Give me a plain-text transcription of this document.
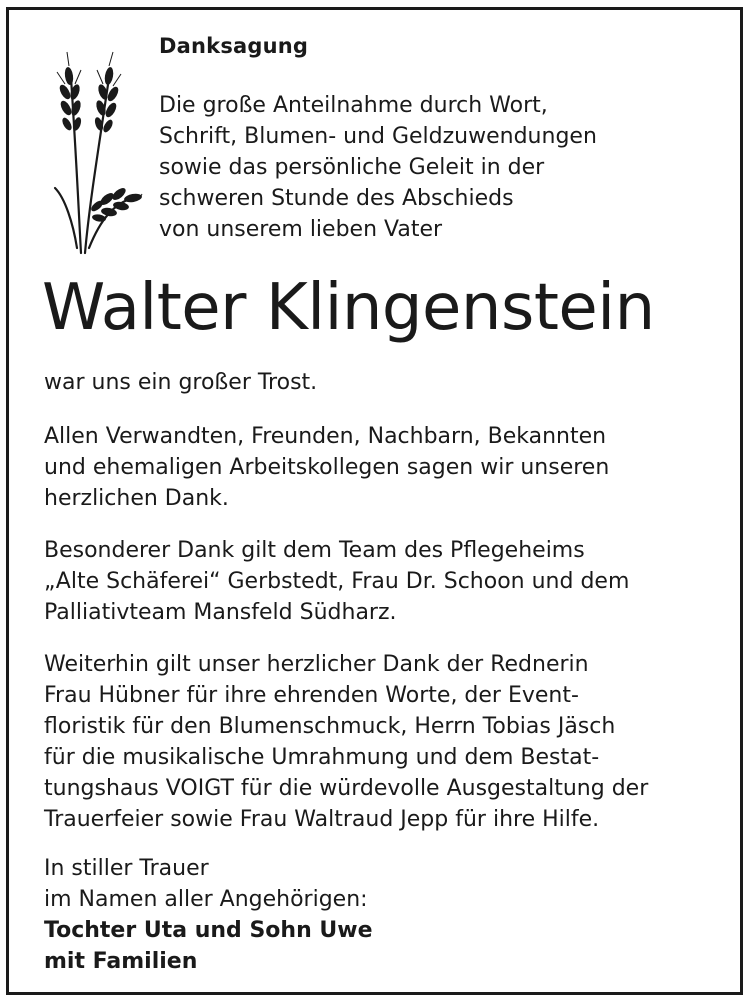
Danksagung
Die große Anteilnahme durch Wort,
Schrift, Blumen- und Geldzuwendungen
sowie das persönliche Geleit in der
schweren Stunde des Abschieds
von unserem lieben Vater
Walter Klingenstein
war uns ein großer Trost.
Allen Verwandten, Freunden, Nachbarn, Bekannten
und ehemaligen Arbeitskollegen sagen wir unseren
herzlichen Dank.
Besonderer Dank gilt dem Team des Pflegeheims
„Alte Schäferei“ Gerbstedt, Frau Dr. Schoon und dem
Palliativteam Mansfeld Südharz.
Weiterhin gilt unser herzlicher Dank der Rednerin
Frau Hübner für ihre ehrenden Worte, der Event-
floristik für den Blumenschmuck, Herrn Tobias Jäsch
für die musikalische Umrahmung und dem Bestat-
tungshaus VOIGT für die würdevolle Ausgestaltung der
Trauerfeier sowie Frau Waltraud Jepp für ihre Hilfe.
In stiller Trauer
im Namen aller Angehörigen:
Tochter Uta und Sohn Uwe
mit Familien
